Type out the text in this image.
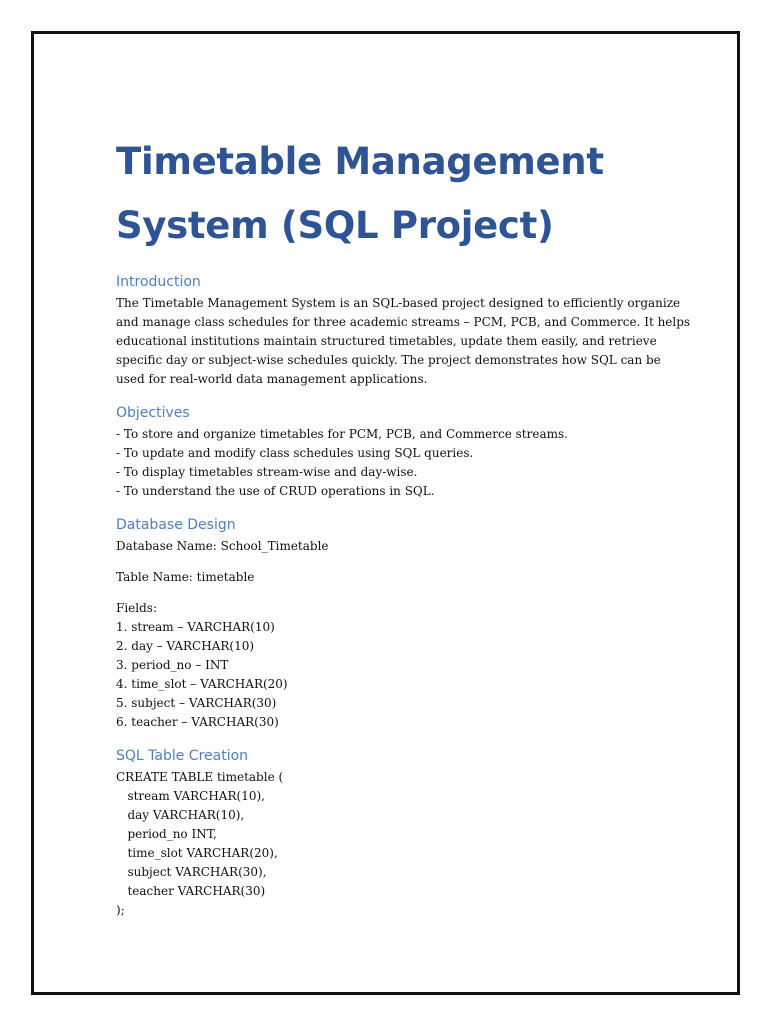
Timetable Management
System (SQL Project)
Introduction
The Timetable Management System is an SQL-based project designed to efficiently organize
and manage class schedules for three academic streams – PCM, PCB, and Commerce. It helps
educational institutions maintain structured timetables, update them easily, and retrieve
specific day or subject-wise schedules quickly. The project demonstrates how SQL can be
used for real-world data management applications.
Objectives
- To store and organize timetables for PCM, PCB, and Commerce streams.
- To update and modify class schedules using SQL queries.
- To display timetables stream-wise and day-wise.
- To understand the use of CRUD operations in SQL.
Database Design
Database Name: School_Timetable
Table Name: timetable
Fields:
1. stream – VARCHAR(10)
2. day – VARCHAR(10)
3. period_no – INT
4. time_slot – VARCHAR(20)
5. subject – VARCHAR(30)
6. teacher – VARCHAR(30)
SQL Table Creation
CREATE TABLE timetable (
stream VARCHAR(10),
day VARCHAR(10),
period_no INT,
time_slot VARCHAR(20),
subject VARCHAR(30),
teacher VARCHAR(30)
);
